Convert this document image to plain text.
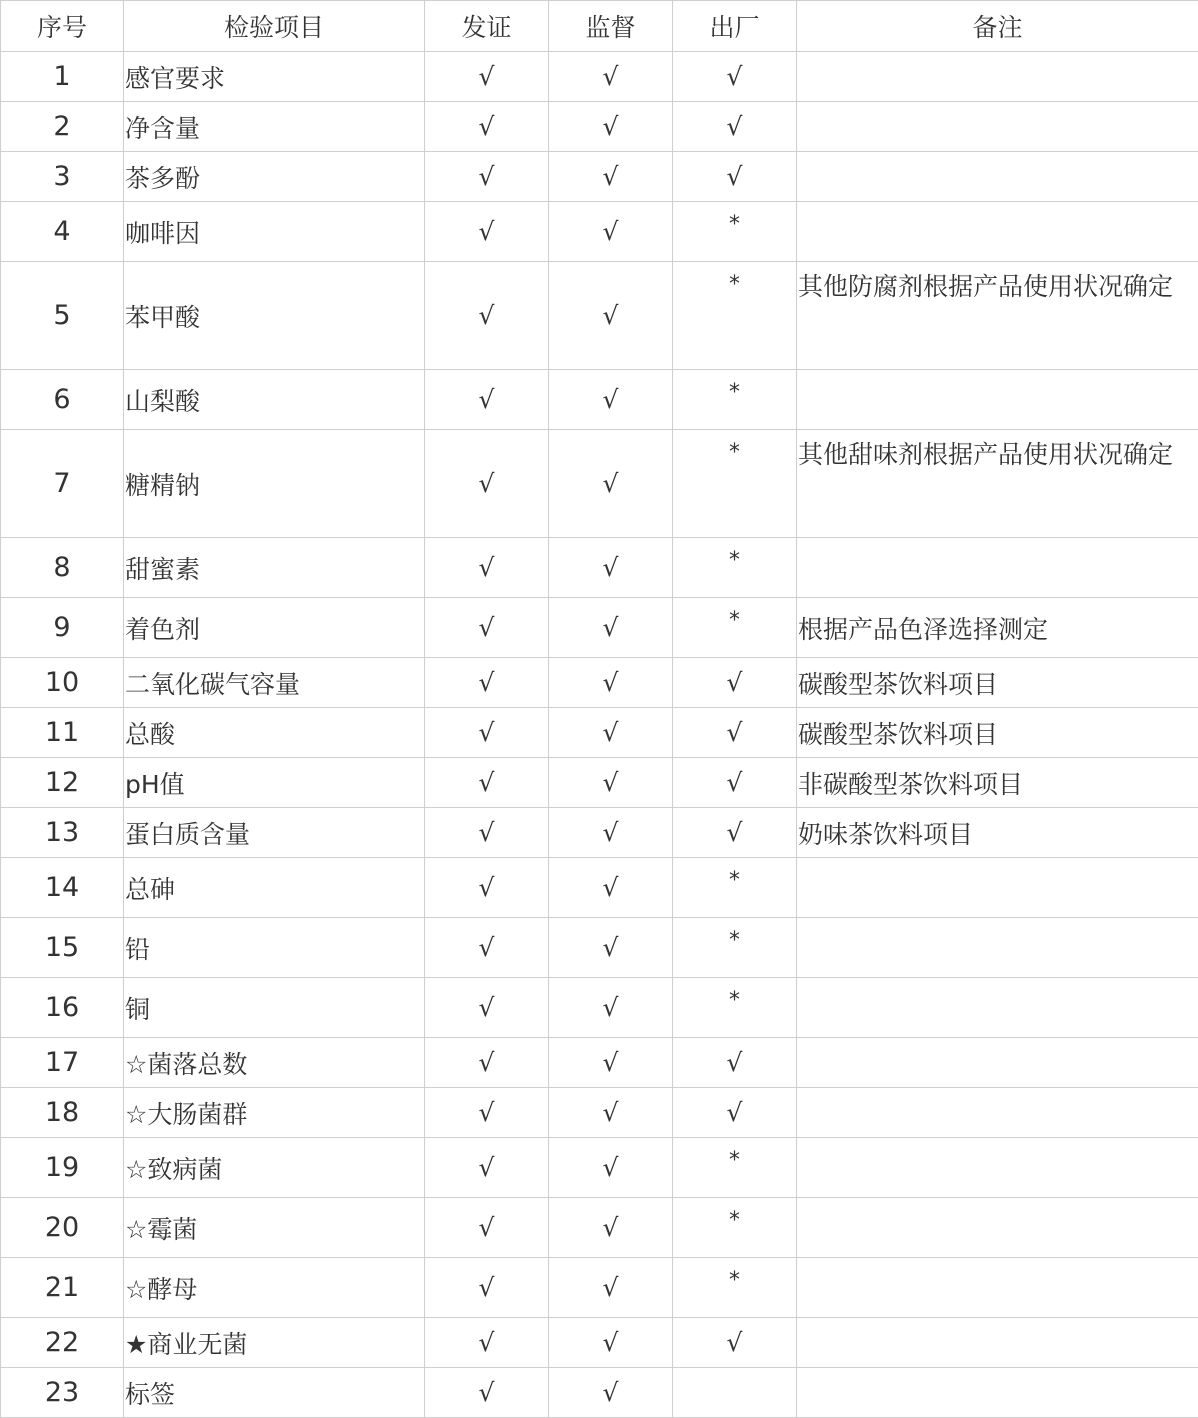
序号	检验项目	发证	监督	出厂	备注
1	感官要求	√	√	√	
2	净含量	√	√	√	
3	茶多酚	√	√	√	
4	咖啡因	√	√	*	
5	苯甲酸	√	√	*	其他防腐剂根据产品使用状况确定
6	山梨酸	√	√	*	
7	糖精钠	√	√	*	其他甜味剂根据产品使用状况确定
8	甜蜜素	√	√	*	
9	着色剂	√	√	*	根据产品色泽选择测定
10	二氧化碳气容量	√	√	√	碳酸型茶饮料项目
11	总酸	√	√	√	碳酸型茶饮料项目
12	pH值	√	√	√	非碳酸型茶饮料项目
13	蛋白质含量	√	√	√	奶味茶饮料项目
14	总砷	√	√	*	
15	铅	√	√	*	
16	铜	√	√	*	
17	☆菌落总数	√	√	√	
18	☆大肠菌群	√	√	√	
19	☆致病菌	√	√	*	
20	☆霉菌	√	√	*	
21	☆酵母	√	√	*	
22	★商业无菌	√	√	√	
23	标签	√	√		
